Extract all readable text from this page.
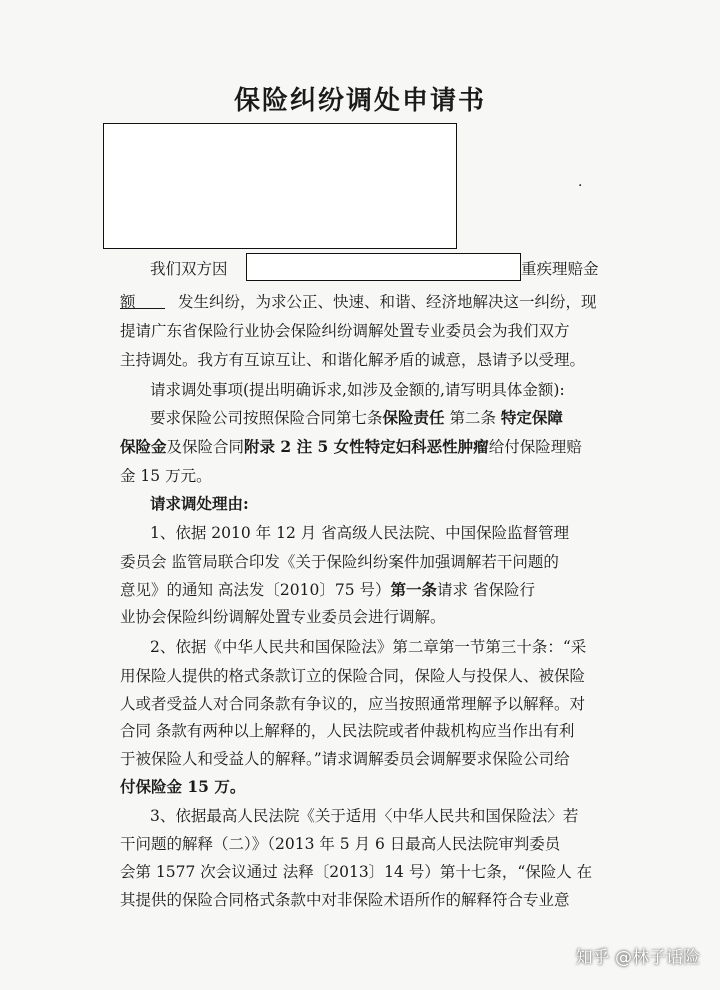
保险纠纷调处申请书
·
我们双方因	重疾理赔金
额	发生纠纷，为求公正、快速、和谐、经济地解决这一纠纷，现
提请广东省保险行业协会保险纠纷调解处置专业委员会为我们双方
主持调处。我方有互谅互让、和谐化解矛盾的诚意，恳请予以受理。
请求调处事项(提出明确诉求,如涉及金额的,请写明具体金额):
要求保险公司按照保险合同第七条保险责任 第二条 特定保障
保险金及保险合同附录 2 注 5 女性特定妇科恶性肿瘤给付保险理赔
金 15 万元。
请求调处理由:
1、依据 2010 年 12 月 省高级人民法院、中国保险监督管理
委员会 监管局联合印发《关于保险纠纷案件加强调解若干问题的
意见》的通知 高法发〔2010〕75 号）第一条请求 省保险行
业协会保险纠纷调解处置专业委员会进行调解。
2、依据《中华人民共和国保险法》第二章第一节第三十条：“采
用保险人提供的格式条款订立的保险合同，保险人与投保人、被保险
人或者受益人对合同条款有争议的，应当按照通常理解予以解释。对
合同 条款有两种以上解释的，人民法院或者仲裁机构应当作出有利
于被保险人和受益人的解释。”请求调解委员会调解要求保险公司给
付保险金 15 万。
3、依据最高人民法院《关于适用〈中华人民共和国保险法〉若
干问题的解释（二）》（2013 年 5 月 6 日最高人民法院审判委员
会第 1577 次会议通过 法释〔2013〕14 号）第十七条，“保险人 在
其提供的保险合同格式条款中对非保险术语所作的解释符合专业意
知乎 @林子话险
